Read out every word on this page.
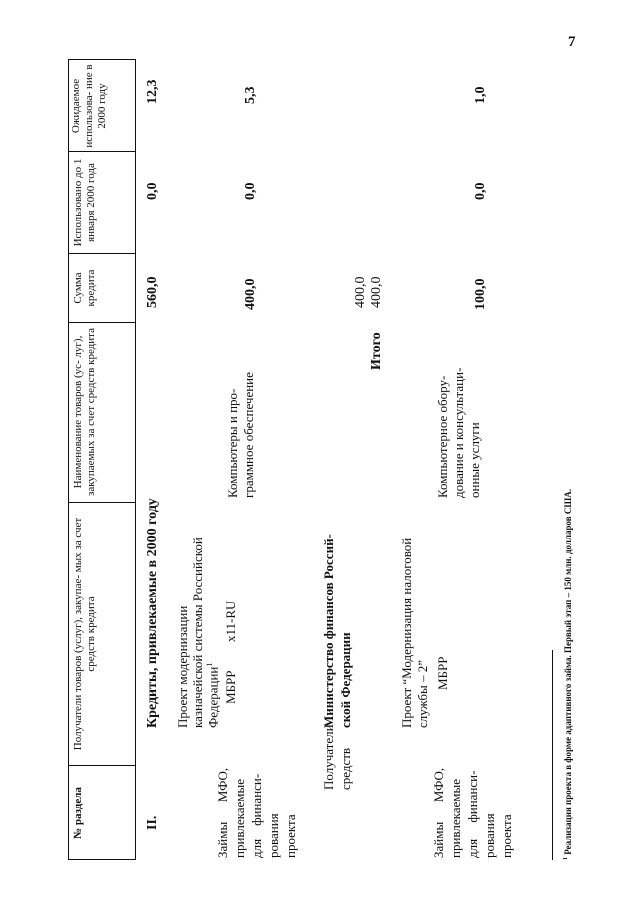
7
№ раздела
Получатели товаров (услуг), закупае- мых за счет средств кредита
Наименование товаров (ус- луг), закупаемых за счет средств кредита
Сумма кредита
Использовано до 1 января 2000 года
Ожидаемое использова- ние в 2000 году
II.
Кредиты, привлекаемые в 2000 году
560,0
0,0
12,3
Проект модернизации казначейской системы Российской Федерации$^1$
Займы      МФО, привлекаемые для    финанси- рования проекта
МБРР
x11-RU
Компьютеры и про- граммное обеспечение
400,0
0,0
5,3
Получатели средств
Министерство финансов Россий- ской Федерации
400,0
Итого
400,0
Проект “Модернизация налоговой службы – 2”
Займы      МФО, привлекаемые для     финанси- рования проекта
МБРР
Компьютерное обору- дование и консультаци- онные услуги
100,0
0,0
1,0
$^1$ Реализация проекта в форме адаптивного займа. Первый этап – 150 млн. долларов США.
